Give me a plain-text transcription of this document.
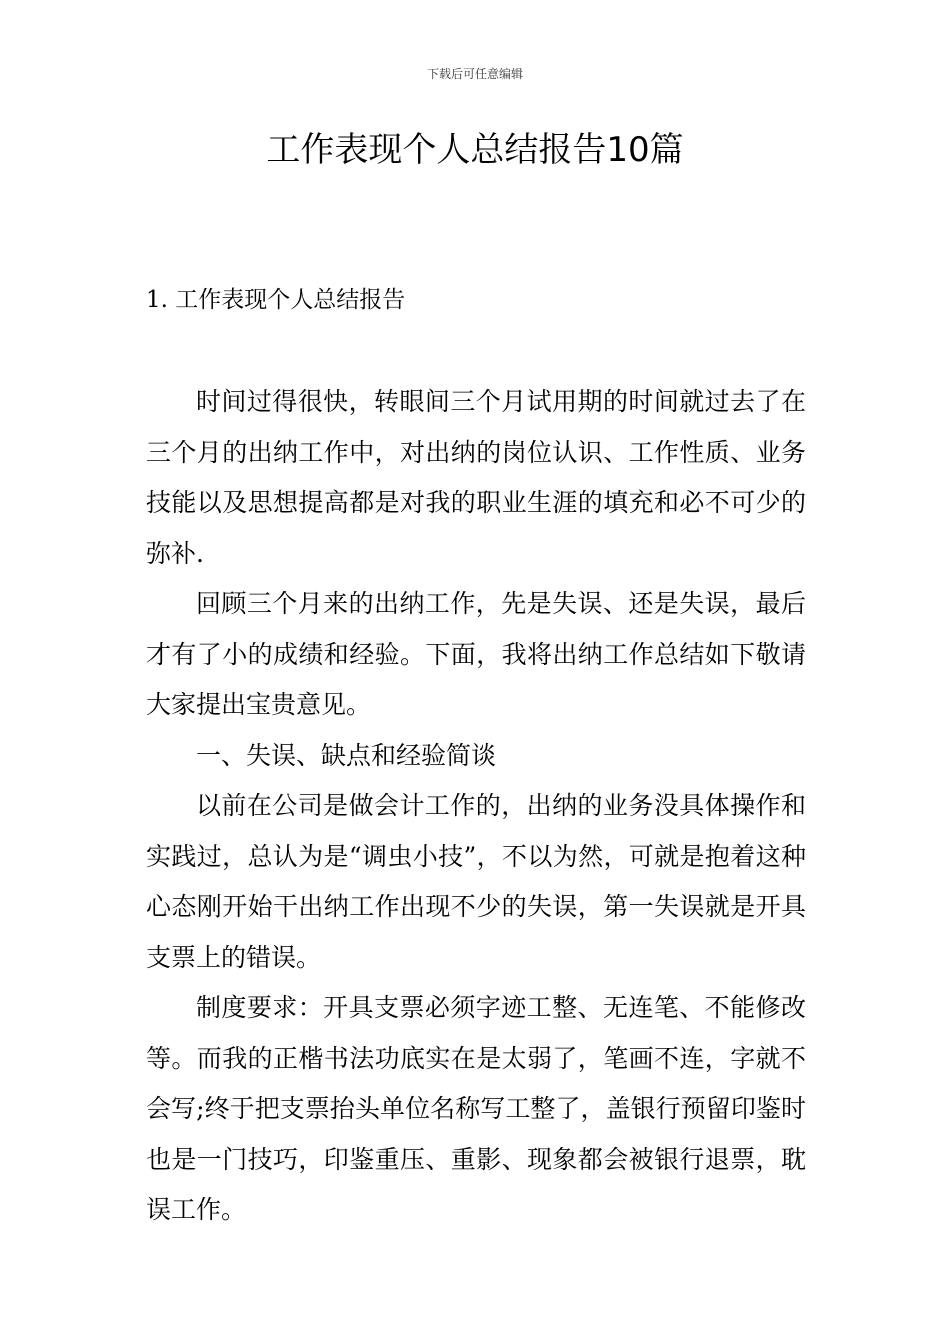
下载后可任意编辑
工作表现个人总结报告10篇
1. 工作表现个人总结报告

时间过得很快，转眼间三个月试用期的时间就过去了在三个月的出纳工作中，对出纳的岗位认识、工作性质、业务技能以及思想提高都是对我的职业生涯的填充和必不可少的弥补.

回顾三个月来的出纳工作，先是失误、还是失误，最后才有了小的成绩和经验。下面，我将出纳工作总结如下敬请大家提出宝贵意见。

一、失误、缺点和经验简谈

以前在公司是做会计工作的，出纳的业务没具体操作和实践过，总认为是“调虫小技”，不以为然，可就是抱着这种心态刚开始干出纳工作出现不少的失误，第一失误就是开具支票上的错误。

制度要求：开具支票必须字迹工整、无连笔、不能修改等。而我的正楷书法功底实在是太弱了，笔画不连，字就不会写;终于把支票抬头单位名称写工整了，盖银行预留印鉴时也是一门技巧，印鉴重压、重影、现象都会被银行退票，耽误工作。
